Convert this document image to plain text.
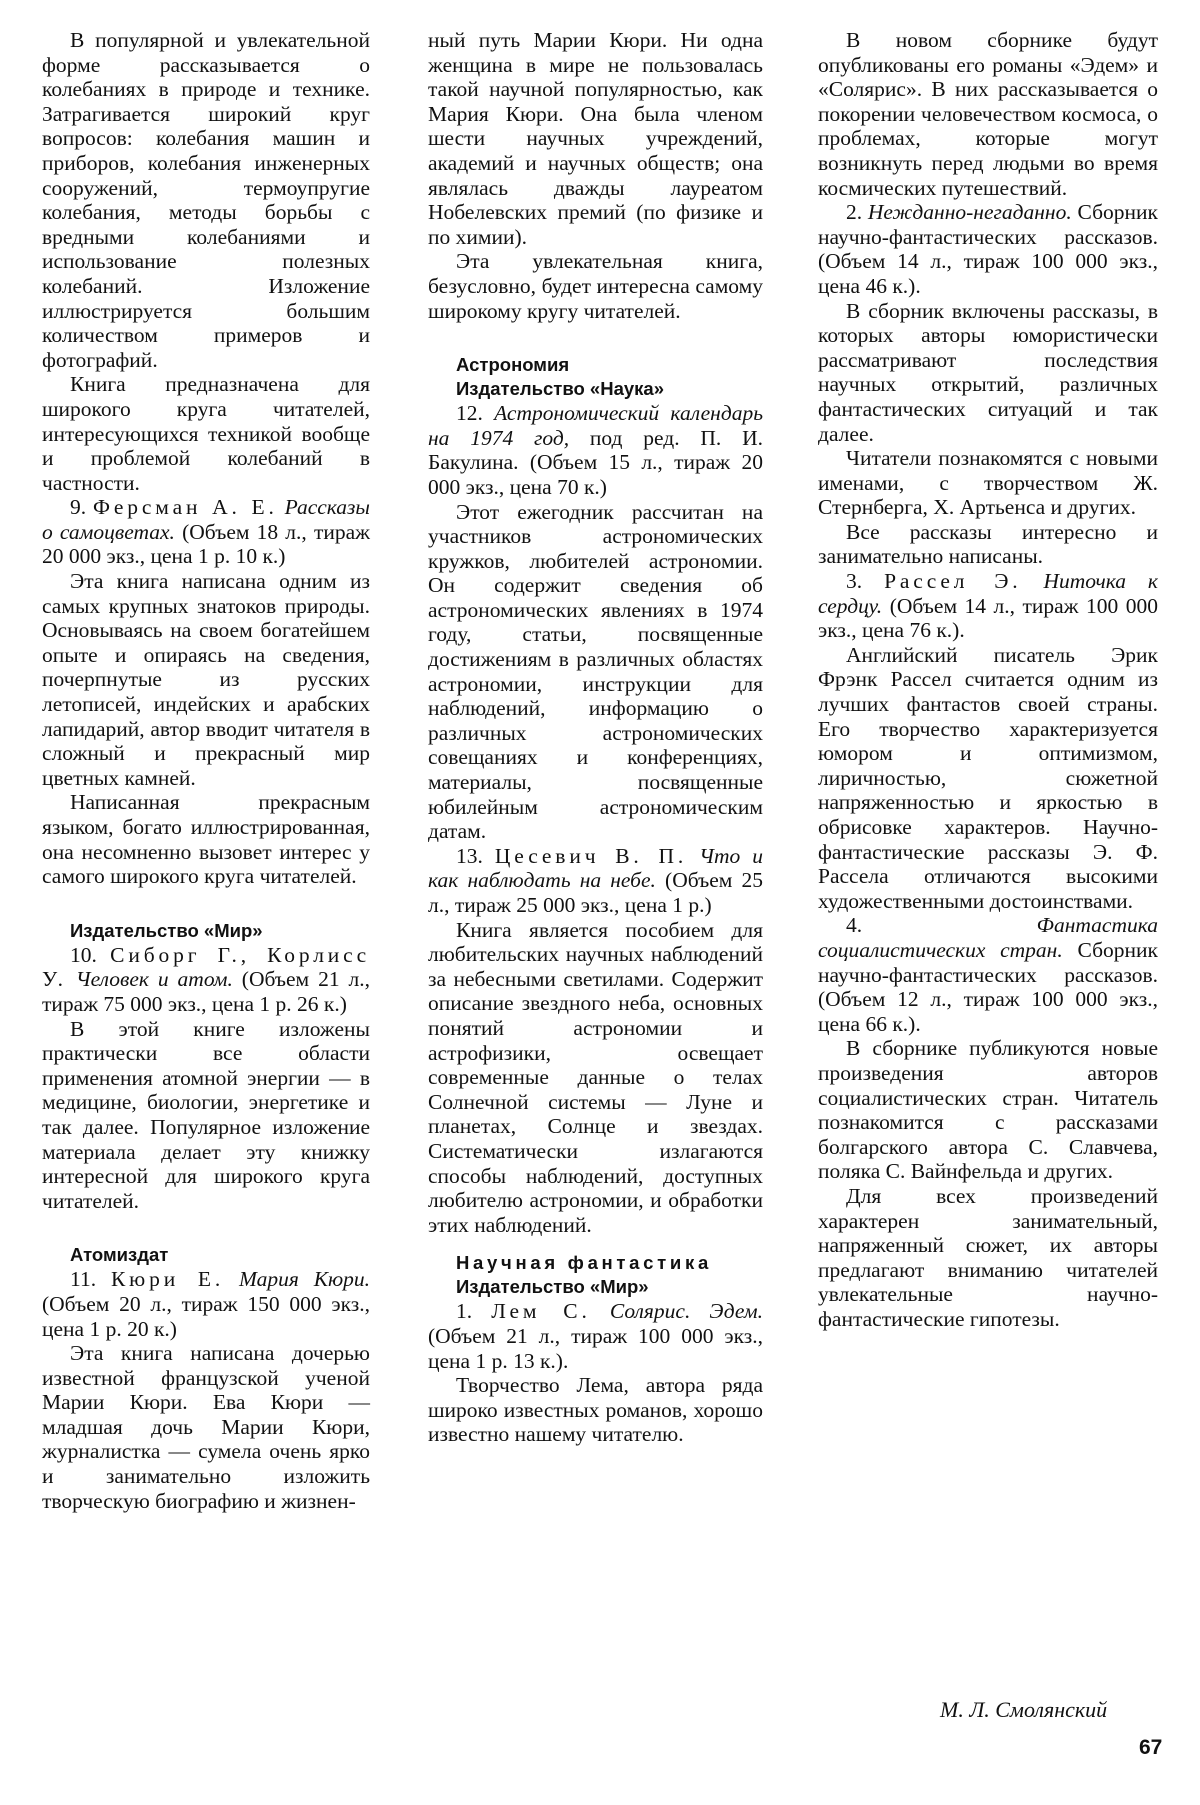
В популярной и увлекательной форме рассказывается о колебаниях в природе и технике. Затрагивается широкий круг вопросов: колебания машин и приборов, колебания инженерных сооружений, термоупругие колебания, методы борьбы с вредными колебаниями и использование полезных колебаний. Изложение иллюстрируется большим количеством примеров и фотографий.

Книга предназначена для широкого круга читателей, интересующихся техникой вообще и проблемой колебаний в частности.

9. Ферсман А. Е. Рассказы о самоцветах. (Объем 18 л., тираж 20 000 экз., цена 1 р. 10 к.)

Эта книга написана одним из самых крупных знатоков природы. Основываясь на своем богатейшем опыте и опираясь на сведения, почерпнутые из русских летописей, индейских и арабских лапидарий, автор вводит читателя в сложный и прекрасный мир цветных камней.

Написанная прекрасным языком, богато иллюстрированная, она несомненно вызовет интерес у самого широкого круга читателей.

Издательство «Мир»

10. Сиборг Г., Корлисс У. Человек и атом. (Объем 21 л., тираж 75 000 экз., цена 1 р. 26 к.)

В этой книге изложены практически все области применения атомной энергии — в медицине, биологии, энергетике и так далее. Популярное изложение материала делает эту книжку интересной для широкого круга читателей.

Атомиздат

11. Кюри Е. Мария Кюри. (Объем 20 л., тираж 150 000 экз., цена 1 р. 20 к.)

Эта книга написана дочерью известной французской ученой Марии Кюри. Ева Кюри — младшая дочь Марии Кюри, журналистка — сумела очень ярко и занимательно изложить творческую биографию и жизнен-

ный путь Марии Кюри. Ни одна женщина в мире не пользовалась такой научной популярностью, как Мария Кюри. Она была членом шести научных учреждений, академий и научных обществ; она являлась дважды лауреатом Нобелевских премий (по физике и по химии).

Эта увлекательная книга, безусловно, будет интересна самому широкому кругу читателей.

Астрономия

Издательство «Наука»

12. Астрономический календарь на 1974 год, под ред. П. И. Бакулина. (Объем 15 л., тираж 20 000 экз., цена 70 к.)

Этот ежегодник рассчитан на участников астрономических кружков, любителей астрономии. Он содержит сведения об астрономических явлениях в 1974 году, статьи, посвященные достижениям в различных областях астрономии, инструкции для наблюдений, информацию о различных астрономических совещаниях и конференциях, материалы, посвященные юбилейным астрономическим датам.

13. Цесевич В. П. Что и как наблюдать на небе. (Объем 25 л., тираж 25 000 экз., цена 1 р.)

Книга является пособием для любительских научных наблюдений за небесными светилами. Содержит описание звездного неба, основных понятий астрономии и астрофизики, освещает современные данные о телах Солнечной системы — Луне и планетах, Солнце и звездах. Систематически излагаются способы наблюдений, доступных любителю астрономии, и обработки этих наблюдений.

Научная фантастика

Издательство «Мир»

1. Лем С. Солярис. Эдем. (Объем 21 л., тираж 100 000 экз., цена 1 р. 13 к.).

Творчество Лема, автора ряда широко известных романов, хорошо известно нашему читателю.

В новом сборнике будут опубликованы его романы «Эдем» и «Солярис». В них рассказывается о покорении человечеством космоса, о проблемах, которые могут возникнуть перед людьми во время космических путешествий.

2. Нежданно-негаданно. Сборник научно-фантастических рассказов. (Объем 14 л., тираж 100 000 экз., цена 46 к.).

В сборник включены рассказы, в которых авторы юмористически рассматривают последствия научных открытий, различных фантастических ситуаций и так далее.

Читатели познакомятся с новыми именами, с творчеством Ж. Стернберга, Х. Артьенса и других.

Все рассказы интересно и занимательно написаны.

3. Рассел Э. Ниточка к сердцу. (Объем 14 л., тираж 100 000 экз., цена 76 к.).

Английский писатель Эрик Фрэнк Рассел считается одним из лучших фантастов своей страны. Его творчество характеризуется юмором и оптимизмом, лиричностью, сюжетной напряженностью и яркостью в обрисовке характеров. Научно-фантастические рассказы Э. Ф. Рассела отличаются высокими художественными достоинствами.

4.	Фантастика социалистических стран. Сборник научно-фантастических рассказов. (Объем 12 л., тираж 100 000 экз., цена 66 к.).

В сборнике публикуются новые произведения авторов социалистических стран. Читатель познакомится с рассказами болгарского автора С. Славчева, поляка С. Вайнфельда и других.

Для всех произведений характерен занимательный, напряженный сюжет, их авторы предлагают вниманию читателей увлекательные научно-фантастические гипотезы.

М. Л. Смолянский
67
